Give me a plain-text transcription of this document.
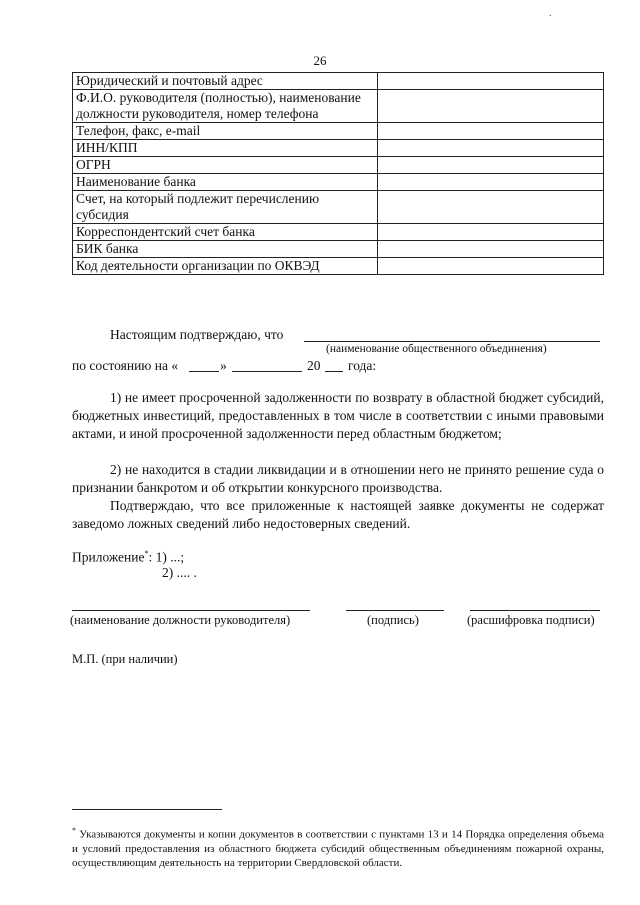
.
26
Юридический и почтовый адрес	
Ф.И.О. руководителя (полностью), наименование должности руководителя, номер телефона	
Телефон, факс, e-mail	
ИНН/КПП	
ОГРН	
Наименование банка	
Счет, на который подлежит перечислению субсидия	
Корреспондентский счет банка	
БИК банка	
Код деятельности организации по ОКВЭД	
Настоящим подтверждаю, что
(наименование общественного объединения)
по состоянию на «	»	20 года:
1) не имеет просроченной задолженности по возврату в областной бюджет субсидий, бюджетных инвестиций, предоставленных в том числе в соответствии с иными правовыми актами, и иной просроченной задолженности перед областным бюджетом;
2) не находится в стадии ликвидации и в отношении него не принято решение суда о признании банкротом и об открытии конкурсного производства.
Подтверждаю, что все приложенные к настоящей заявке документы не содержат заведомо ложных сведений либо недостоверных сведений.
Приложение*: 1) ...;
2) .... .
(наименование должности руководителя)	(подпись)	(расшифровка подписи)
М.П. (при наличии)
* Указываются документы и копии документов в соответствии с пунктами 13 и 14 Порядка определения объема и условий предоставления из областного бюджета субсидий общественным объединениям пожарной охраны, осуществляющим деятельность на территории Свердловской области.
